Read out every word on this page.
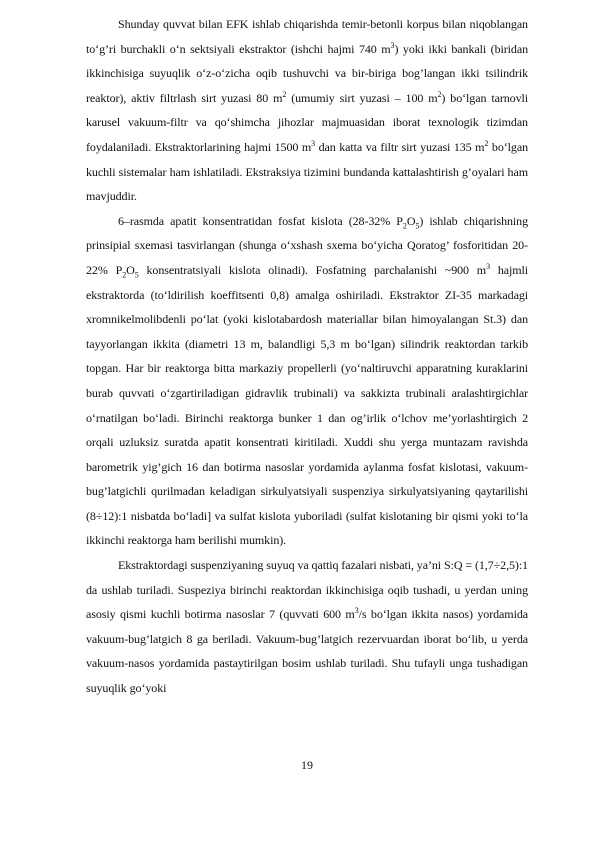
Shunday quvvat bilan EFK ishlab chiqarishda temir-betonli korpus bilan niqoblangan to‘g’ri burchakli o‘n sektsiyali ekstraktor (ishchi hajmi 740 $m^3$) yoki ikki bankali (biridan ikkinchisiga suyuqlik o‘z-o‘zicha oqib tushuvchi va bir-biriga bog’langan ikki tsilindrik reaktor), aktiv filtrlash sirt yuzasi 80 $m^2$ (umumiy sirt yuzasi – 100 $m^2$) bo‘lgan tarnovli karusel vakuum-filtr va qo‘shimcha jihozlar majmuasidan iborat texnologik tizimdan foydalaniladi. Ekstraktorlarining hajmi 1500 $m^3$ dan katta va filtr sirt yuzasi 135 $m^2$ bo‘lgan kuchli sistemalar ham ishlatiladi. Ekstraksiya tizimini bundanda kattalashtirish g’oyalari ham mavjuddir.

6–rasmda apatit konsentratidan fosfat kislota (28-32% $P_2O_5$) ishlab chiqarishning prinsipial sxemasi tasvirlangan (shunga o‘xshash sxema bo‘yicha Qoratog’ fosforitidan 20-22% $P_2O_5$ konsentratsiyali kislota olinadi). Fosfatning parchalanishi ~900 $m^3$ hajmli ekstraktorda (to‘ldirilish koeffitsenti 0,8) amalga oshiriladi. Ekstraktor ZI-35 markadagi xromnikelmolibdenli po‘lat (yoki kislotabardosh materiallar bilan himoyalangan St.3) dan tayyorlangan ikkita (diametri 13 m, balandligi 5,3 m bo‘lgan) silindrik reaktordan tarkib topgan. Har bir reaktorga bitta markaziy propellerli (yo‘naltiruvchi apparatning kuraklarini burab quvvati o‘zgartiriladigan gidravlik trubinali) va sakkizta trubinali aralashtirgichlar o‘rnatilgan bo‘ladi. Birinchi reaktorga bunker 1 dan og’irlik o‘lchov me’yorlashtirgich 2 orqali uzluksiz suratda apatit konsentrati kiritiladi. Xuddi shu yerga muntazam ravishda barometrik yig’gich 16 dan botirma nasoslar yordamida aylanma fosfat kislotasi, vakuum-bug’latgichli qurilmadan keladigan sirkulyatsiyali suspenziya sirkulyatsiyaning qaytarilishi (8÷12):1 nisbatda bo‘ladi] va sulfat kislota yuboriladi (sulfat kislotaning bir qismi yoki to‘la ikkinchi reaktorga ham berilishi mumkin).

Ekstraktordagi suspenziyaning suyuq va qattiq fazalari nisbati, ya’ni S:Q = (1,7÷2,5):1 da ushlab turiladi. Suspeziya birinchi reaktordan ikkinchisiga oqib tushadi, u yerdan uning asosiy qismi kuchli botirma nasoslar 7 (quvvati 600 $m^3/s$ bo‘lgan ikkita nasos) yordamida vakuum-bug’latgich 8 ga beriladi. Vakuum-bug’latgich rezervuardan iborat bo‘lib, u yerda vakuum-nasos yordamida pastaytirilgan bosim ushlab turiladi. Shu tufayli unga tushadigan suyuqlik go‘yoki

19
